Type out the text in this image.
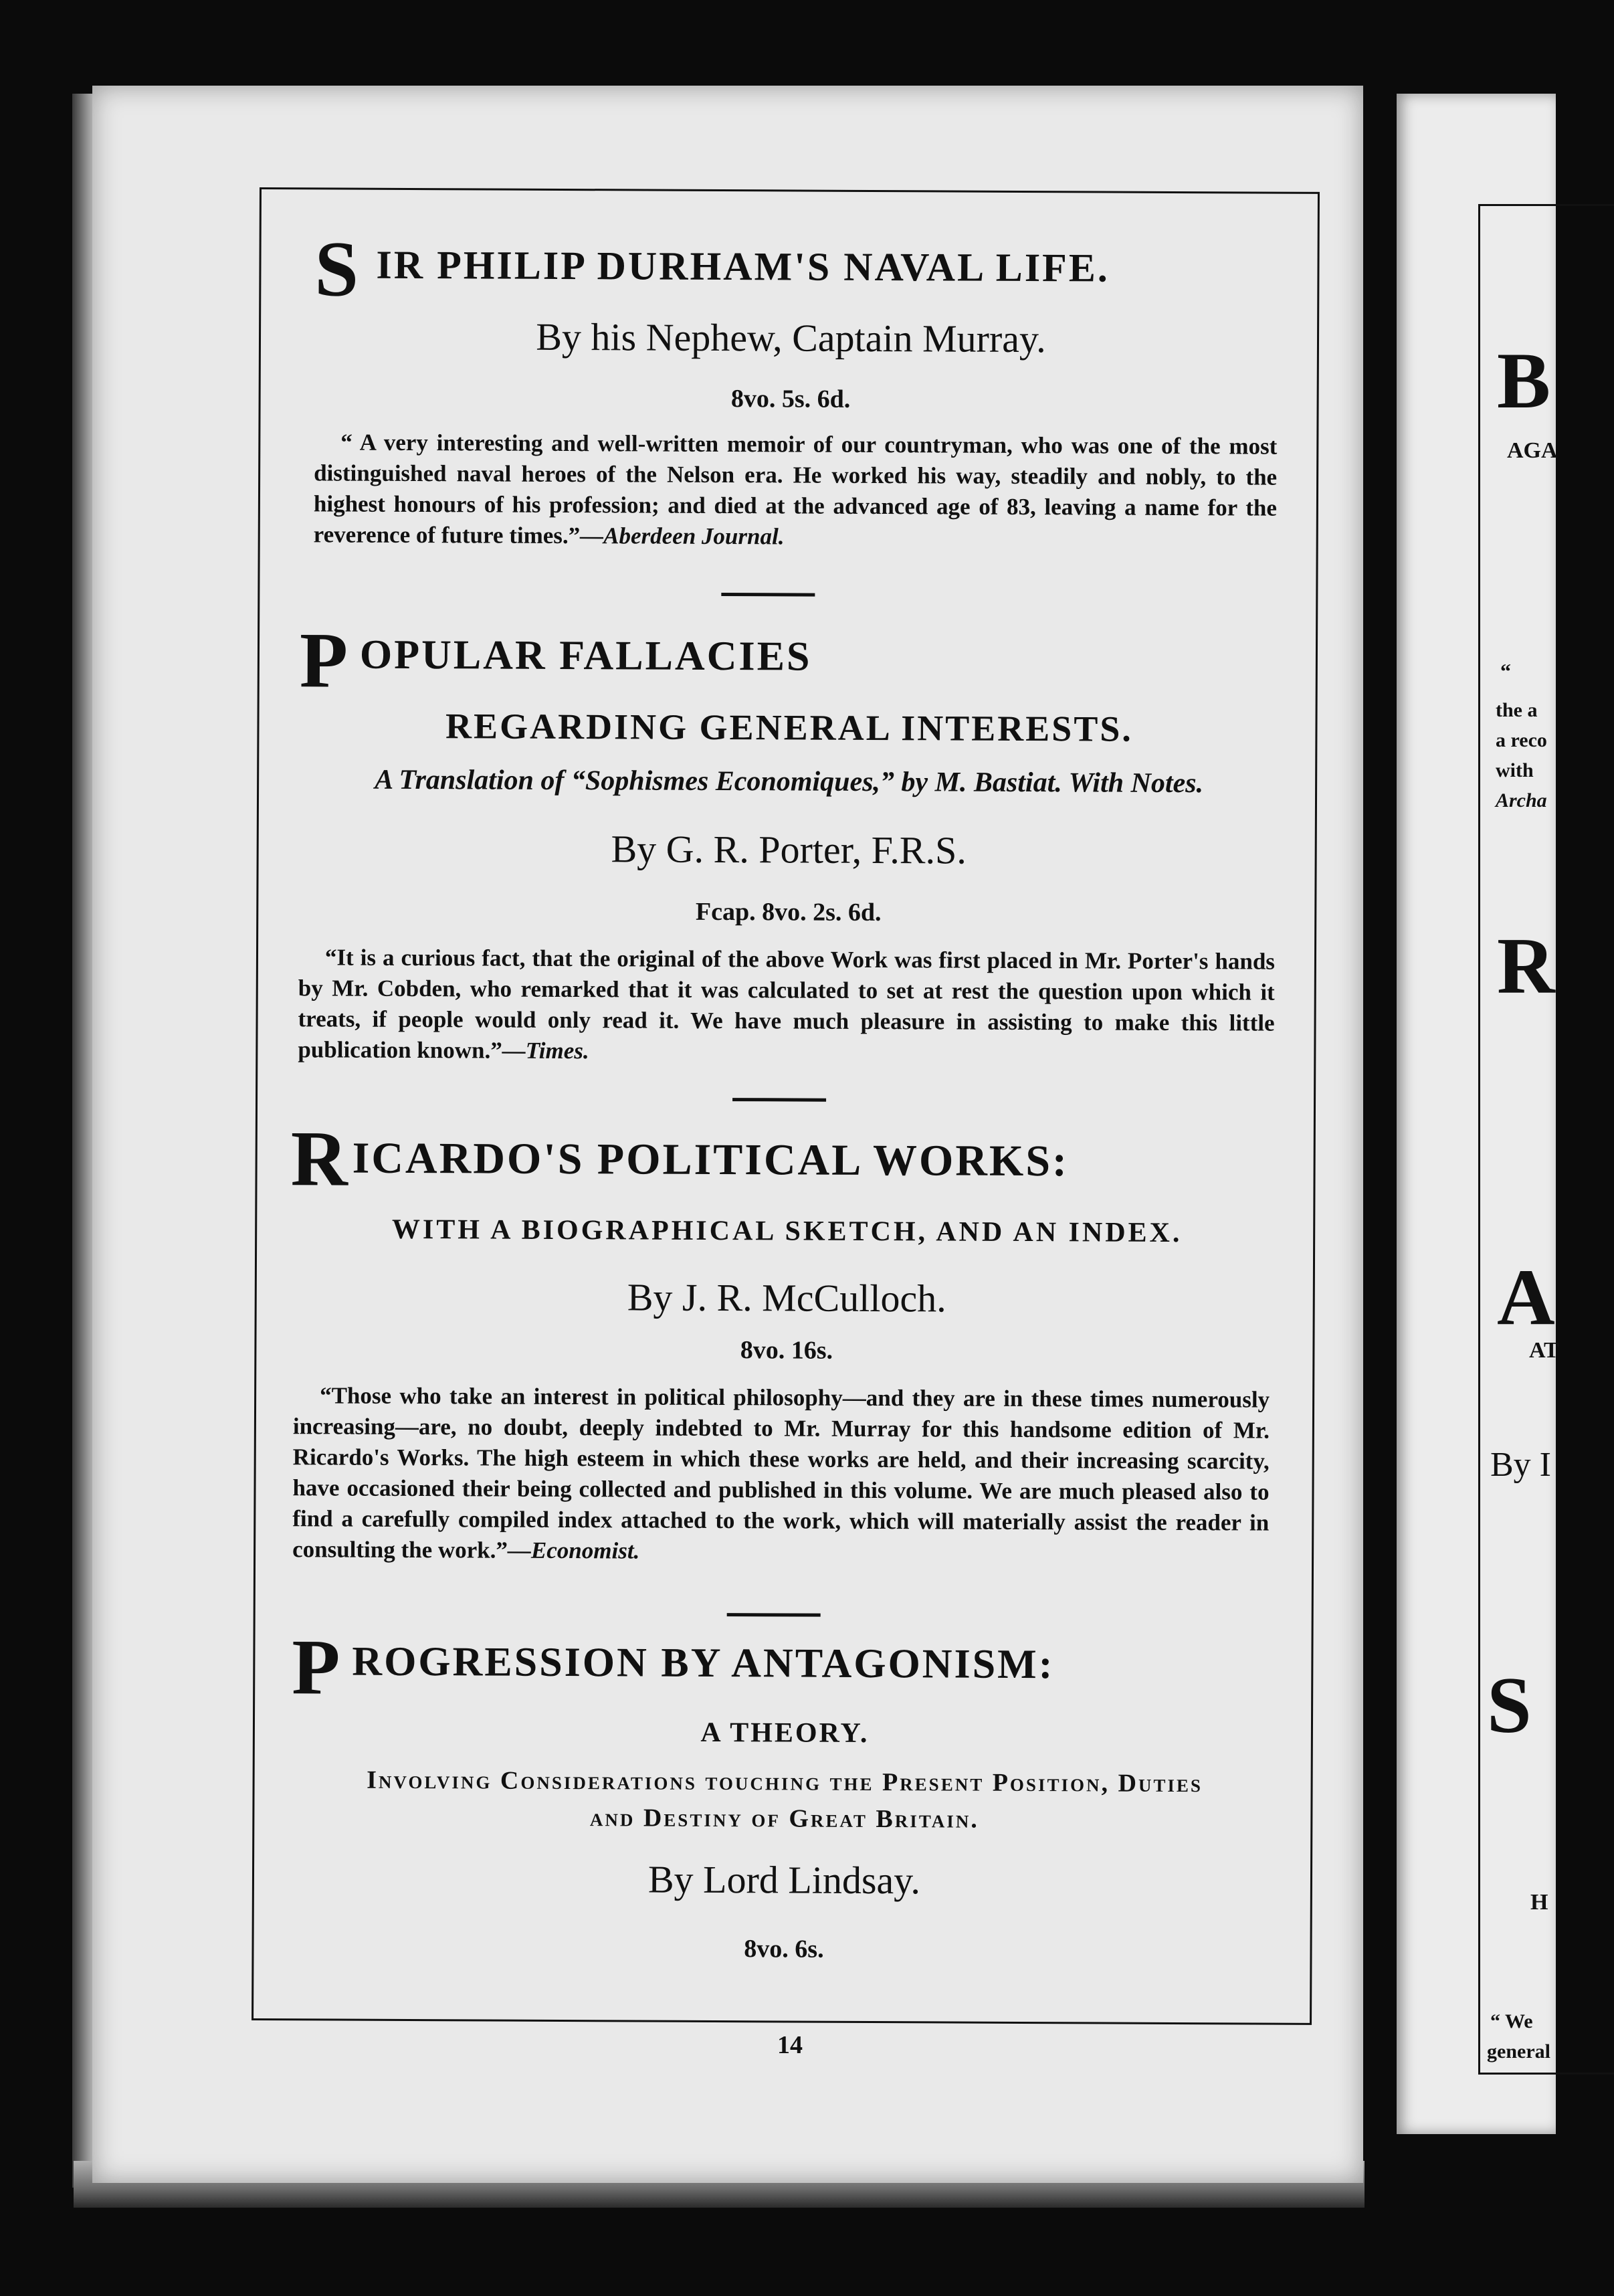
B
AGA
“
the a
a reco
with
Archa
R
A
AT
By I
S
H
“ We
general
S IR PHILIP DURHAM'S NAVAL LIFE.
By his Nephew, Captain Murray.
8vo. 5s. 6d.
“ A very interesting and well-written memoir of our countryman, who was one of the most distinguished naval heroes of the Nelson era. He worked his way, steadily and nobly, to the highest honours of his profession; and died at the advanced age of 83, leaving a name for the reverence of future times.”—Aberdeen Journal.
P OPULAR FALLACIES
REGARDING GENERAL INTERESTS.
A Translation of “Sophismes Economiques,” by M. Bastiat. With Notes.
By G. R. Porter, F.R.S.
Fcap. 8vo. 2s. 6d.
“It is a curious fact, that the original of the above Work was first placed in Mr. Porter's hands by Mr. Cobden, who remarked that it was calculated to set at rest the question upon which it treats, if people would only read it. We have much pleasure in assisting to make this little publication known.”—Times.
R ICARDO'S POLITICAL WORKS:
WITH A BIOGRAPHICAL SKETCH, AND AN INDEX.
By J. R. McCulloch.
8vo. 16s.
“Those who take an interest in political philosophy—and they are in these times numerously increasing—are, no doubt, deeply indebted to Mr. Murray for this handsome edition of Mr. Ricardo's Works. The high esteem in which these works are held, and their increasing scarcity, have occasioned their being collected and published in this volume. We are much pleased also to find a carefully compiled index attached to the work, which will materially assist the reader in consulting the work.”—Economist.
P ROGRESSION BY ANTAGONISM:
A THEORY.
Involving Considerations touching the Present Position, Duties
and Destiny of Great Britain.
By Lord Lindsay.
8vo. 6s.
14
